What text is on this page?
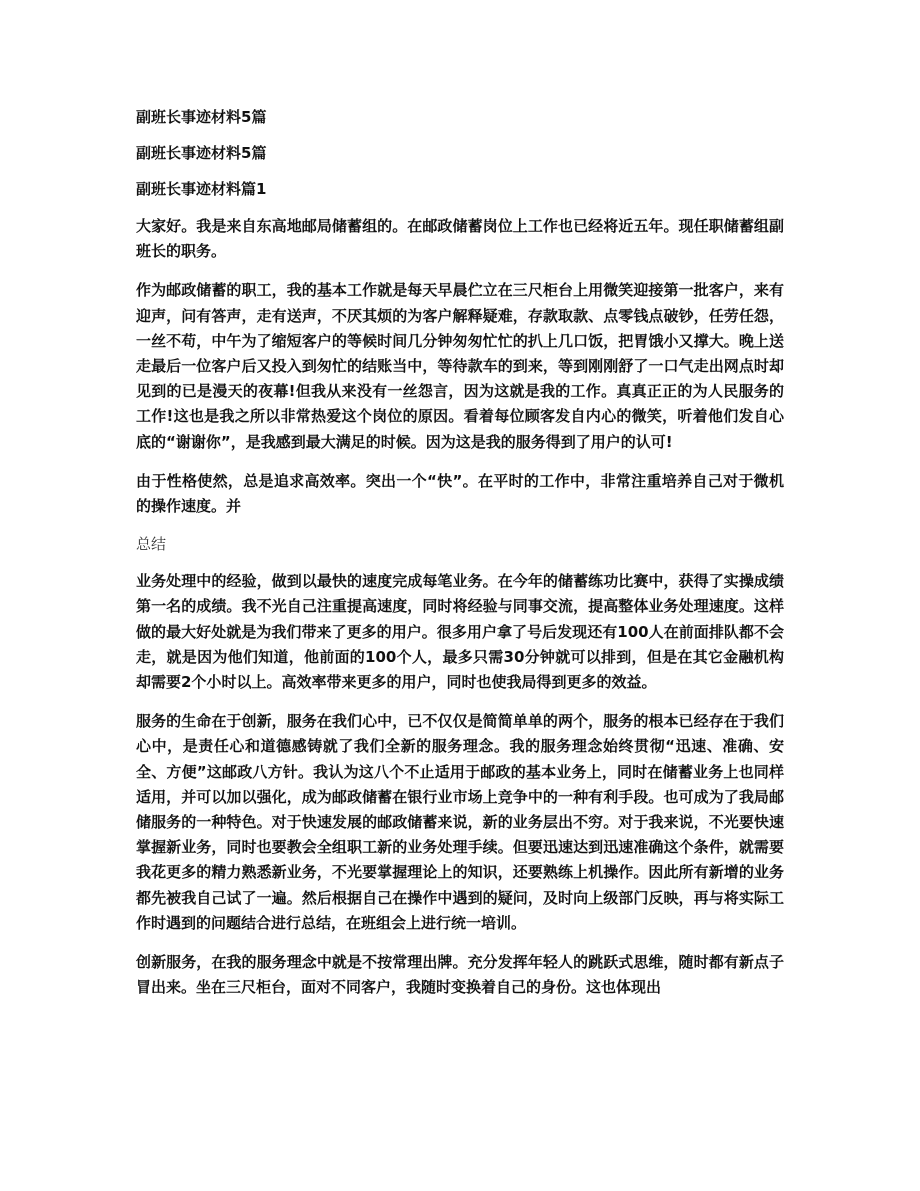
副班长事迹材料5篇
副班长事迹材料5篇
副班长事迹材料篇1
大家好。我是来自东高地邮局储蓄组的。在邮政储蓄岗位上工作也已经将近五年。现任职储蓄组副班长的职务。
作为邮政储蓄的职工，我的基本工作就是每天早晨伫立在三尺柜台上用微笑迎接第一批客户，来有迎声，问有答声，走有送声，不厌其烦的为客户解释疑难，存款取款、点零钱点破钞，任劳任怨，一丝不苟，中午为了缩短客户的等候时间几分钟匆匆忙忙的扒上几口饭，把胃饿小又撑大。晚上送走最后一位客户后又投入到匆忙的结账当中，等待款车的到来，等到刚刚舒了一口气走出网点时却见到的已是漫天的夜幕!但我从来没有一丝怨言，因为这就是我的工作。真真正正的为人民服务的工作!这也是我之所以非常热爱这个岗位的原因。看着每位顾客发自内心的微笑，听着他们发自心底的“谢谢你”，是我感到最大满足的时候。因为这是我的服务得到了用户的认可!
由于性格使然，总是追求高效率。突出一个“快”。在平时的工作中，非常注重培养自己对于微机的操作速度。并
总结
业务处理中的经验，做到以最快的速度完成每笔业务。在今年的储蓄练功比赛中，获得了实操成绩第一名的成绩。我不光自己注重提高速度，同时将经验与同事交流，提高整体业务处理速度。这样做的最大好处就是为我们带来了更多的用户。很多用户拿了号后发现还有100人在前面排队都不会走，就是因为他们知道，他前面的100个人，最多只需30分钟就可以排到，但是在其它金融机构却需要2个小时以上。高效率带来更多的用户，同时也使我局得到更多的效益。
服务的生命在于创新，服务在我们心中，已不仅仅是简简单单的两个，服务的根本已经存在于我们心中，是责任心和道德感铸就了我们全新的服务理念。我的服务理念始终贯彻“迅速、准确、安全、方便”这邮政八方针。我认为这八个不止适用于邮政的基本业务上，同时在储蓄业务上也同样适用，并可以加以强化，成为邮政储蓄在银行业市场上竞争中的一种有利手段。也可成为了我局邮储服务的一种特色。对于快速发展的邮政储蓄来说，新的业务层出不穷。对于我来说，不光要快速掌握新业务，同时也要教会全组职工新的业务处理手续。但要迅速达到迅速准确这个条件，就需要我花更多的精力熟悉新业务，不光要掌握理论上的知识，还要熟练上机操作。因此所有新增的业务都先被我自己试了一遍。然后根据自己在操作中遇到的疑问，及时向上级部门反映，再与将实际工作时遇到的问题结合进行总结，在班组会上进行统一培训。
创新服务，在我的服务理念中就是不按常理出牌。充分发挥年轻人的跳跃式思维，随时都有新点子冒出来。坐在三尺柜台，面对不同客户，我随时变换着自己的身份。这也体现出
